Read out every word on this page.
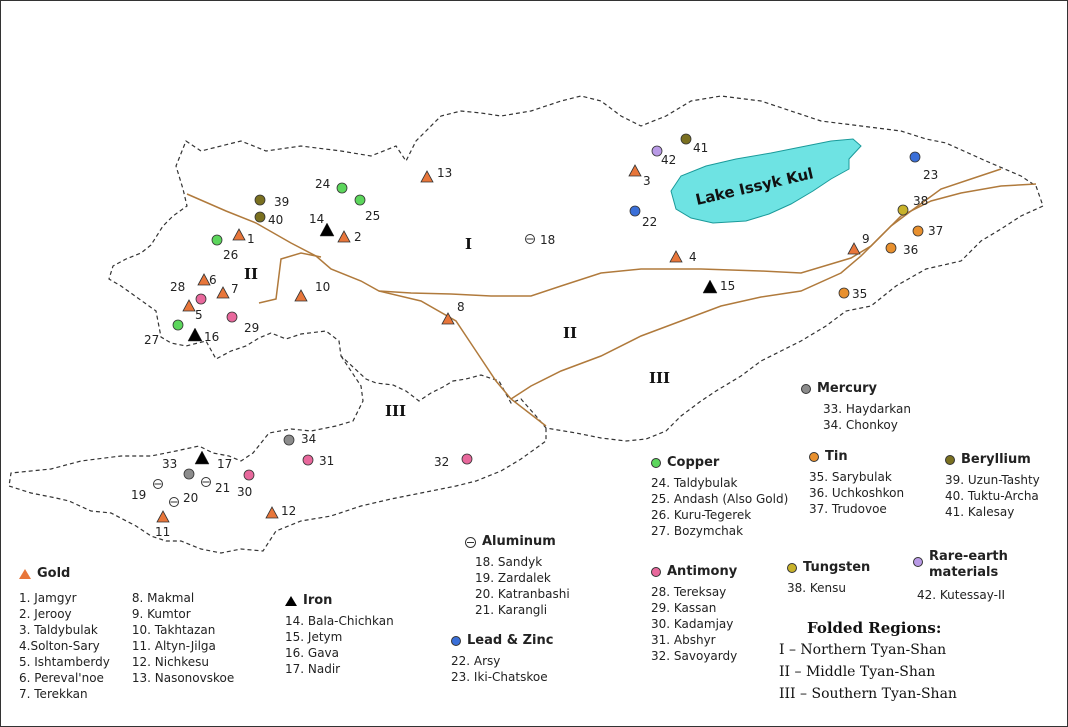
Lake Issyk Kul
I
II
II
III
III
1	2
3
4
5
6
7
8
9
10
11
12
13
14
15
16
17
18
19	20
21
22
23
24
25
26
27
28
29
30
31	32
33
34
35
36
37
38
39
40
41
42
Gold
1. Jamgyr
2. Jerooy
3. Taldybulak
4.Solton-Sary
5. Ishtamberdy
6. Pereval'noe
7. Terekkan
8. Makmal
9. Kumtor
10. Takhtazan
11. Altyn-Jilga
12. Nichkesu
13. Nasonovskoe
Iron
14. Bala-Chichkan
15. Jetym
16. Gava
17. Nadir
Aluminum
18. Sandyk
19. Zardalek
20. Katranbashi
21. Karangli
Lead & Zinc
22. Arsy
23. Iki-Chatskoe
Copper
24. Taldybulak
25. Andash (Also Gold)
26. Kuru-Tegerek
27. Bozymchak
Antimony
28. Tereksay
29. Kassan
30. Kadamjay
31. Abshyr
32. Savoyardy
Mercury
33. Haydarkan
34. Chonkoy
Tin
35. Sarybulak
36. Uchkoshkon
37. Trudovoe
Beryllium
39. Uzun-Tashty
40. Tuktu-Archa
41. Kalesay
Tungsten
38. Kensu
Rare-earth
materials
42. Kutessay-II
Folded Regions:
I – Northern Tyan-Shan
II – Middle Tyan-Shan
III – Southern Tyan-Shan
